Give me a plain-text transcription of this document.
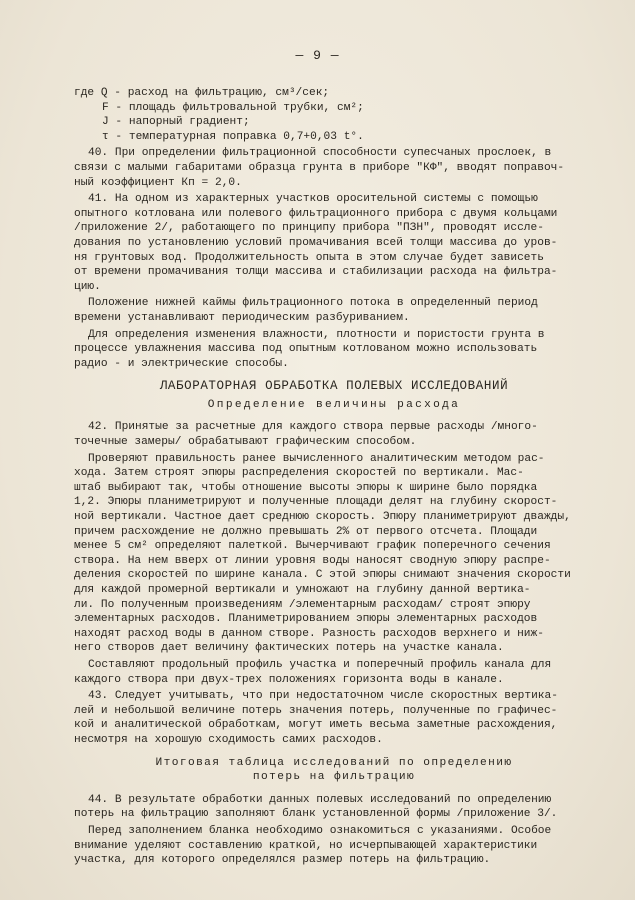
— 9 —
где Q - расход на фильтрацию, см³/сек;
F - площадь фильтровальной трубки, см²;
J - напорный градиент;
τ - температурная поправка 0,7+0,03 t°.

40. При определении фильтрационной способности супесчаных прослоек, в
связи с малыми габаритами образца грунта в приборе "КФ", вводят поправоч-
ный коэффициент Кп = 2,0.

41. На одном из характерных участков оросительной системы с помощью
опытного котлована или полевого фильтрационного прибора с двумя кольцами
/приложение 2/, работающего по принципу прибора "ПЗН", проводят иссле-
дования по установлению условий промачивания всей толщи массива до уров-
ня грунтовых вод. Продолжительность опыта в этом случае будет зависеть
от времени промачивания толщи массива и стабилизации расхода на фильтра-
цию.

Положение нижней каймы фильтрационного потока в определенный период
времени устанавливают периодическим разбуриванием.

Для определения изменения влажности, плотности и пористости грунта в
процессе увлажнения массива под опытным котлованом можно использовать
радио - и электрические способы.

ЛАБОРАТОРНАЯ ОБРАБОТКА ПОЛЕВЫХ ИССЛЕДОВАНИЙ

Определение величины расхода

42. Принятые за расчетные для каждого створа первые расходы /много-
точечные замеры/ обрабатывают графическим способом.

Проверяют правильность ранее вычисленного аналитическим методом рас-
хода. Затем строят эпюры распределения скоростей по вертикали. Мас-
штаб выбирают так, чтобы отношение высоты эпюры к ширине было порядка
1,2. Эпюры планиметрируют и полученные площади делят на глубину скорост-
ной вертикали. Частное дает среднюю скорость. Эпюру планиметрируют дважды,
причем расхождение не должно превышать 2% от первого отсчета. Площади
менее 5 см² определяют палеткой. Вычерчивают график поперечного сечения
створа. На нем вверх от линии уровня воды наносят сводную эпюру распре-
деления скоростей по ширине канала. С этой эпюры снимают значения скорости
для каждой промерной вертикали и умножают на глубину данной вертика-
ли. По полученным произведениям /элементарным расходам/ строят эпюру
элементарных расходов. Планиметрированием эпюры элементарных расходов
находят расход воды в данном створе. Разность расходов верхнего и ниж-
него створов дает величину фактических потерь на участке канала.

Составляют продольный профиль участка и поперечный профиль канала для
каждого створа при двух-трех положениях горизонта воды в канале.

43. Следует учитывать, что при недостаточном числе скоростных вертика-
лей и небольшой величине потерь значения потерь, полученные по графичес-
кой и аналитической обработкам, могут иметь весьма заметные расхождения,
несмотря на хорошую сходимость самих расходов.

Итоговая таблица исследований по определению
потерь на фильтрацию

44. В результате обработки данных полевых исследований по определению
потерь на фильтрацию заполняют бланк установленной формы /приложение 3/.

Перед заполнением бланка необходимо ознакомиться с указаниями. Особое
внимание уделяют составлению краткой, но исчерпывающей характеристики
участка, для которого определялся размер потерь на фильтрацию.
